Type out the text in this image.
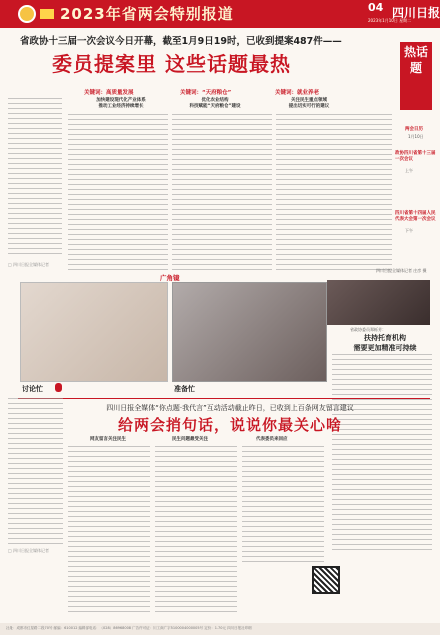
2023年省两会特别报道	04 四川日报
2023年1月10日 星期二
省政协十三届一次会议今日开幕，截至1月9日19时，已收到提案487件——
委员提案里 这些话题最热
□ 四川日报全媒体记者
关键词：高质量发展
加快建设现代化产业体系
推动工业经济持续增长
关键词：“天府粮仓”
优化农业结构
科技赋能“天府粮仓”建设
关键词：就业养老
关注民生重点领域
提出切实可行的建议
热话题
两会日历
1月10日
政协四川省第十三届一次会议
上午
四川省第十四届人民代表大会第一次会议
下午
四川日报全媒体记者 庄彦 摄
讨论忙	准备忙
广角镜
省政协委员郑栎芳：
扶持托育机构
需要更加精准可持续
四川日报全媒体“你点题·我代言”互动活动截止昨日，已收到上百条网友留言建议
给两会捎句话，说说你最关心啥
□ 四川日报全媒体记者
网友留言关注民生	民生问题最受关注	代表委员来回应
社址：成都市红星路二段70号 邮编：610012 编辑部电话：（028）86968008 广告许可证：川工商广字5100004000005号 定价：1.70元 四川日报社印刷
